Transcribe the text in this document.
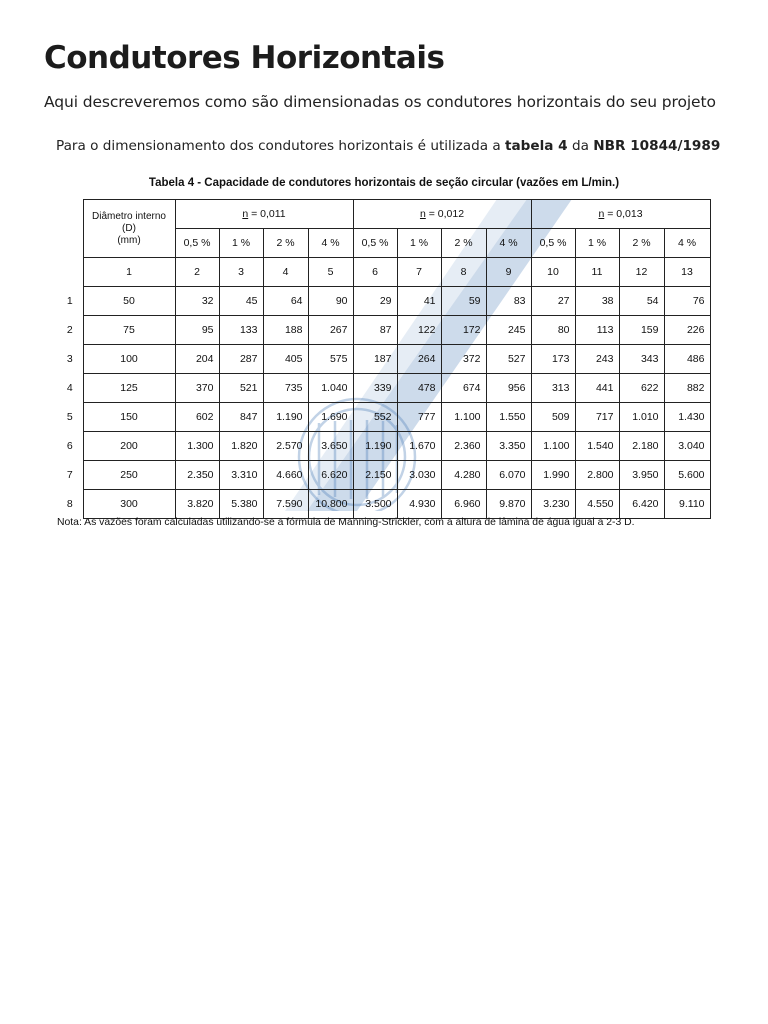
Condutores Horizontais
Aqui descreveremos como são dimensionadas os condutores horizontais do seu projeto
Para o dimensionamento dos condutores horizontais é utilizada a tabela 4 da NBR 10844/1989
Tabela 4 - Capacidade de condutores horizontais de seção circular (vazões em L/min.)

	Diâmetro interno
(D)
(mm)	n = 0,011				n = 0,012				n = 0,013			
		0,5 %	1 %	2 %	4 %	0,5 %	1 %	2 %	4 %	0,5 %	1 %	2 %	4 %
	1	2	3	4	5	6	7	8	9	10	11	12	13
1	50	32	45	64	90	29	41	59	83	27	38	54	76
2	75	95	133	188	267	87	122	172	245	80	113	159	226
3	100	204	287	405	575	187	264	372	527	173	243	343	486
4	125	370	521	735	1.040	339	478	674	956	313	441	622	882
5	150	602	847	1.190	1.690	552	777	1.100	1.550	509	717	1.010	1.430
6	200	1.300	1.820	2.570	3.650	1.190	1.670	2.360	3.350	1.100	1.540	2.180	3.040
7	250	2.350	3.310	4.660	6.620	2.150	3.030	4.280	6.070	1.990	2.800	3.950	5.600
8	300	3.820	5.380	7.590	10.800	3.500	4.930	6.960	9.870	3.230	4.550	6.420	9.110
Nota: As vazões foram calculadas utilizando-se a fórmula de Manning-Strickler, com a altura de lâmina de água igual a 2-3 D.
